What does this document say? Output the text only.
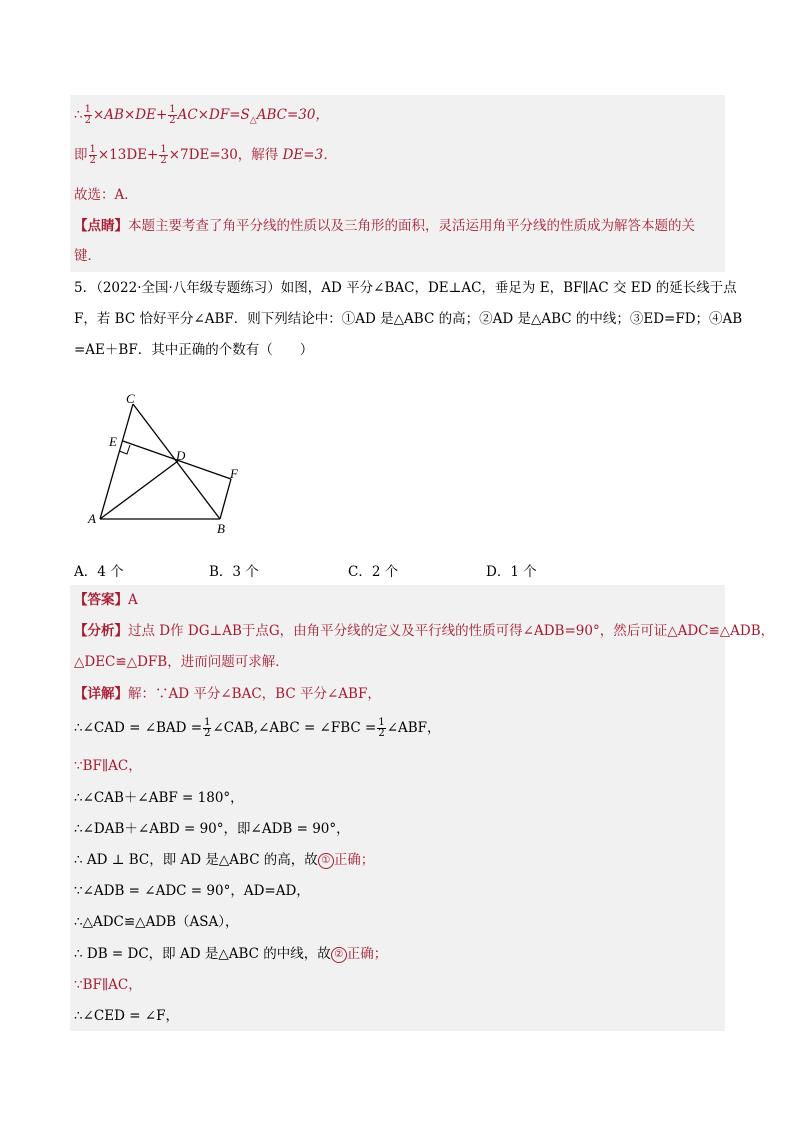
∴ $\frac{1}{2} \times AB\times DE+ \frac{1}{2} AC\times DF=S_\triangle ABC=30$，
即 $\frac{1}{2} \times 13DE+ \frac{1}{2} \times 7DE=30$，解得 DE=3．
故选：A．
【点睛】本题主要考查了角平分线的性质以及三角形的面积，灵活运用角平分线的性质成为解答本题的关
键．
5．（2022·全国·八年级专题练习）如图，AD 平分∠BAC，DE⊥AC，垂足为 E，BF∥AC 交 ED 的延长线于点
F，若 BC 恰好平分∠ABF．则下列结论中：①AD 是△ABC 的高；②AD 是△ABC 的中线；③ED=FD；④AB
=AE＋BF．其中正确的个数有（　　）
C
E
D
F
A
B
A．4 个	B．3 个	C．2 个	D．1 个
【答案】A
【分析】过点 D作 DG⊥AB于点G，由角平分线的定义及平行线的性质可得∠ADB=90°，然后可证△ADC≌△ADB，
△DEC≌△DFB，进而问题可求解．
【详解】解：∵AD 平分∠BAC，BC 平分∠ABF，
∴∠CAD = ∠BAD = $\frac{1}{2}$ ∠CAB,∠ABC = ∠FBC = $\frac{1}{2}$ ∠ABF，
∵BF∥AC，
∴∠CAB＋∠ABF = 180°，
∴∠DAB＋∠ABD = 90°，即∠ADB = 90°，
∴ AD ⊥ BC，即 AD 是△ABC 的高，故 ① 正确；
∵∠ADB = ∠ADC = 90°，AD=AD，
∴△ADC≌△ADB（ASA），
∴ DB = DC，即 AD 是△ABC 的中线，故 ② 正确；
∵BF∥AC，
∴∠CED = ∠F，
